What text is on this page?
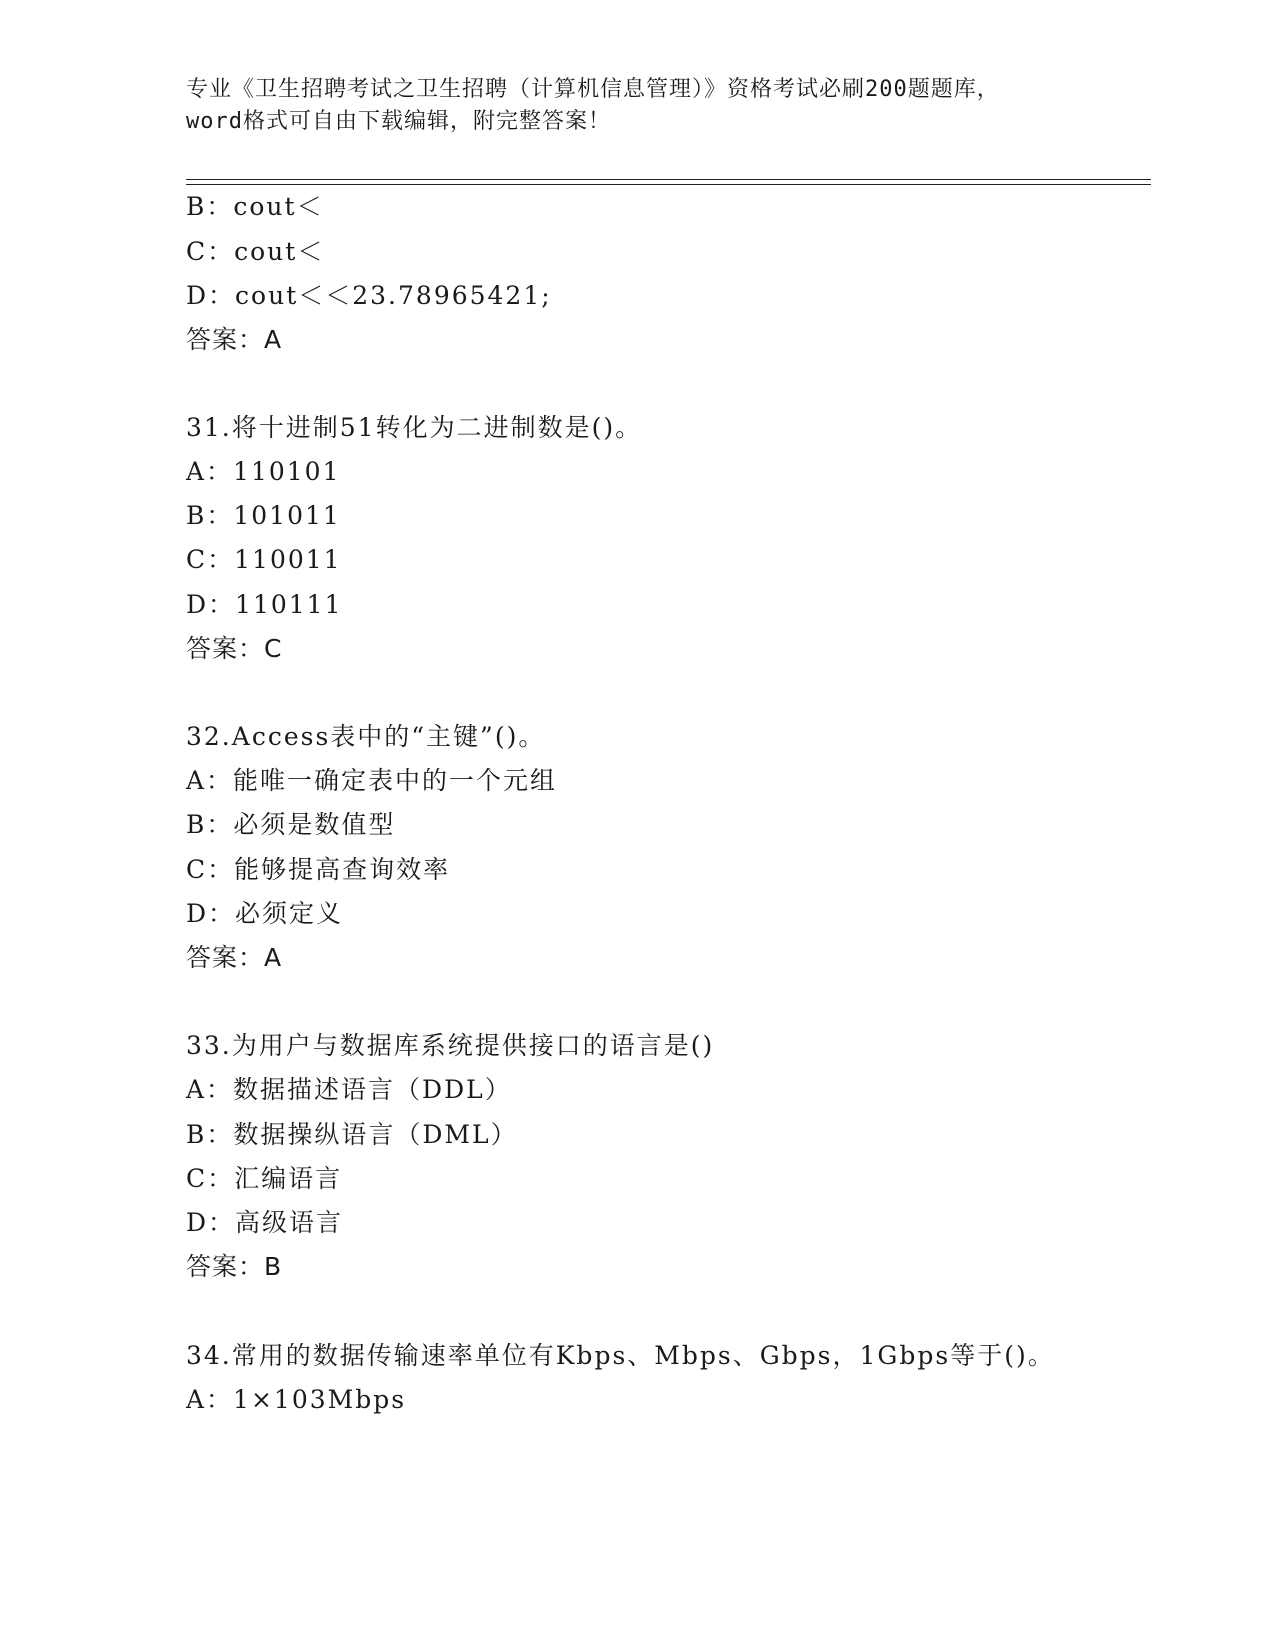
专业《卫生招聘考试之卫生招聘（计算机信息管理）》资格考试必刷200题题库，
word格式可自由下载编辑，附完整答案！
B：cout＜
C：cout＜
D：cout＜＜23.78965421;
答案：A
31.将十进制51转化为二进制数是()。
A：110101
B：101011
C：110011
D：110111
答案：C
32.Access表中的“主键”()。
A：能唯一确定表中的一个元组
B：必须是数值型
C：能够提高查询效率
D：必须定义
答案：A
33.为用户与数据库系统提供接口的语言是()
A：数据描述语言（DDL）
B：数据操纵语言（DML）
C：汇编语言
D：高级语言
答案：B
34.常用的数据传输速率单位有Kbps、Mbps、Gbps，1Gbps等于()。
A：1×103Mbps
